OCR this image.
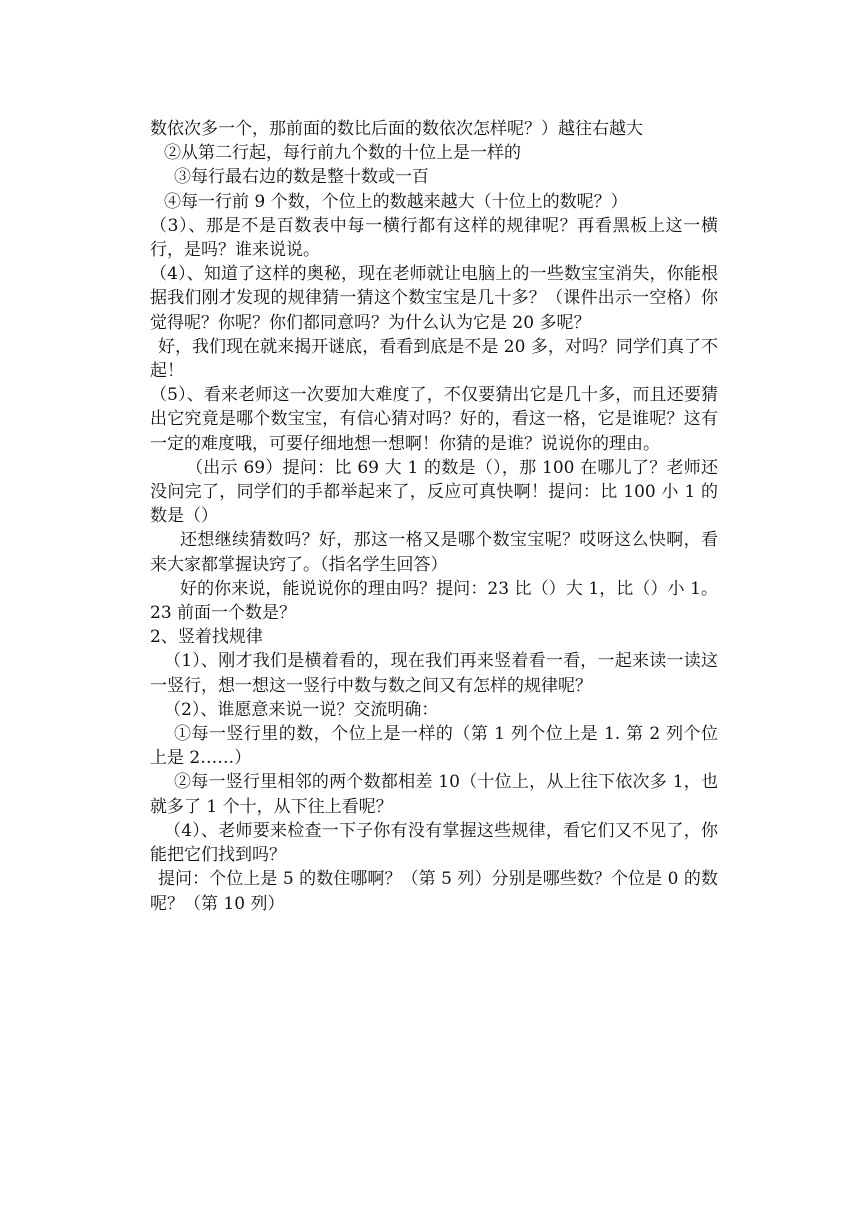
数依次多一个，那前面的数比后面的数依次怎样呢？）越往右越大

②从第二行起，每行前九个数的十位上是一样的

③每行最右边的数是整十数或一百

④每一行前 9 个数，个位上的数越来越大（十位上的数呢？）

（3）、那是不是百数表中每一横行都有这样的规律呢？再看黑板上这一横行，是吗？谁来说说。

（4）、知道了这样的奥秘，现在老师就让电脑上的一些数宝宝消失，你能根据我们刚才发现的规律猜一猜这个数宝宝是几十多？（课件出示一空格）你觉得呢？你呢？你们都同意吗？为什么认为它是 20 多呢？

好，我们现在就来揭开谜底，看看到底是不是 20 多，对吗？同学们真了不起！

（5）、看来老师这一次要加大难度了，不仅要猜出它是几十多，而且还要猜出它究竟是哪个数宝宝，有信心猜对吗？好的，看这一格，它是谁呢？这有一定的难度哦，可要仔细地想一想啊！你猜的是谁？说说你的理由。

（出示 69）提问：比 69 大 1 的数是（），那 100 在哪儿了？老师还没问完了，同学们的手都举起来了，反应可真快啊！提问：比 100 小 1 的数是（）

还想继续猜数吗？好，那这一格又是哪个数宝宝呢？哎呀这么快啊，看来大家都掌握诀窍了。（指名学生回答）

好的你来说，能说说你的理由吗？提问：23 比（）大 1，比（）小 1。23 前面一个数是？

2、竖着找规律

（1）、刚才我们是横着看的，现在我们再来竖着看一看，一起来读一读这一竖行，想一想这一竖行中数与数之间又有怎样的规律呢？

（2）、谁愿意来说一说？交流明确：

①每一竖行里的数，个位上是一样的（第 1 列个位上是 1. 第 2 列个位上是 2……）

②每一竖行里相邻的两个数都相差 10（十位上，从上往下依次多 1，也就多了 1 个十，从下往上看呢？

（4）、老师要来检查一下子你有没有掌握这些规律，看它们又不见了，你能把它们找到吗？

提问：个位上是 5 的数住哪啊？（第 5 列）分别是哪些数？个位是 0 的数呢？（第 10 列）
